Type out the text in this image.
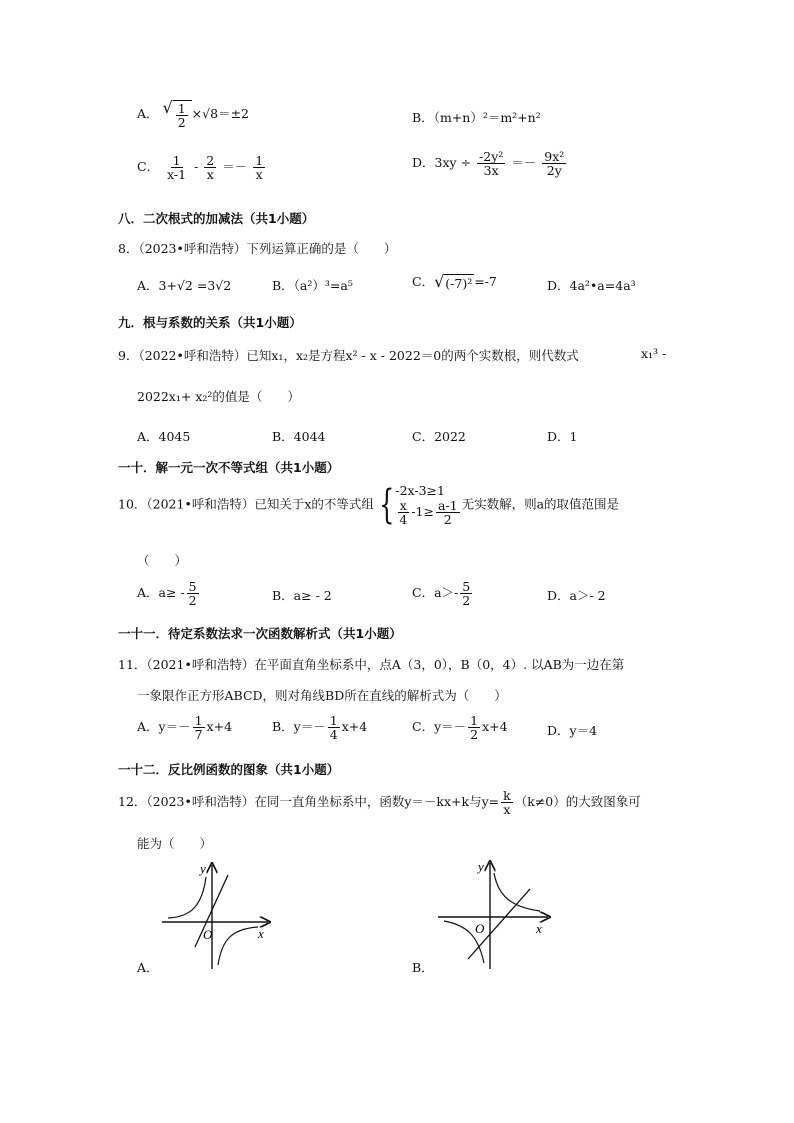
A． √ $\frac{1}{2} \times√8=\pm 2$	B．（m+n）²＝m²+n²
C． $\frac{1}{x-1} - \frac{2}{x} =- \frac{1}{x}$	D．$3xy \div \frac{\text{-2y²}}{3x} =- \frac{\text{9x²}}{2y}$
八．二次根式的加减法（共1小题）
8．（2023•呼和浩特）下列运算正确的是（　　）
A．3+√2 =3√2	B．（a²）³=a⁵	C． √ (-7)² =-7	D．4a²•a=4a³
九．根与系数的关系（共1小题）
9．（2022•呼和浩特）已知x₁，x₂是方程x² - x - 2022＝0的两个实数根，则代数式	x₁³ -
2022x₁+ x₂²的值是（　　）
A．4045	B．4044	C．2022	D．1
一十．解一元一次不等式组（共1小题）
10．（2021•呼和浩特）已知关于x的不等式组 { -2x-3≥1
$\frac{x}{4} -1\ge \frac{a-1}{2}$ 无实数解，则a的取值范围是
（　　）
A．$a\ge - \frac{5}{2}$	B．a≥ - 2	C．$a>- \frac{5}{2}$	D．a＞- 2
一十一．待定系数法求一次函数解析式（共1小题）
11．（2021•呼和浩特）在平面直角坐标系中，点A（3，0），B（0，4）. 以AB为一边在第
一象限作正方形ABCD，则对角线BD所在直线的解析式为（　　）
A．$y=- \frac{1}{7} x+4$	B．$y=- \frac{1}{4} x+4$	C．$y=- \frac{1}{2} x+4$	D．y＝4
一十二．反比例函数的图象（共1小题）
12．（2023•呼和浩特）在同一直角坐标系中，函数y＝－kx+k与$y= \frac{k}{x} (k\ne 0)$的大致图象可
能为（　　）
O	x
y
A．
O	x
y
B．
